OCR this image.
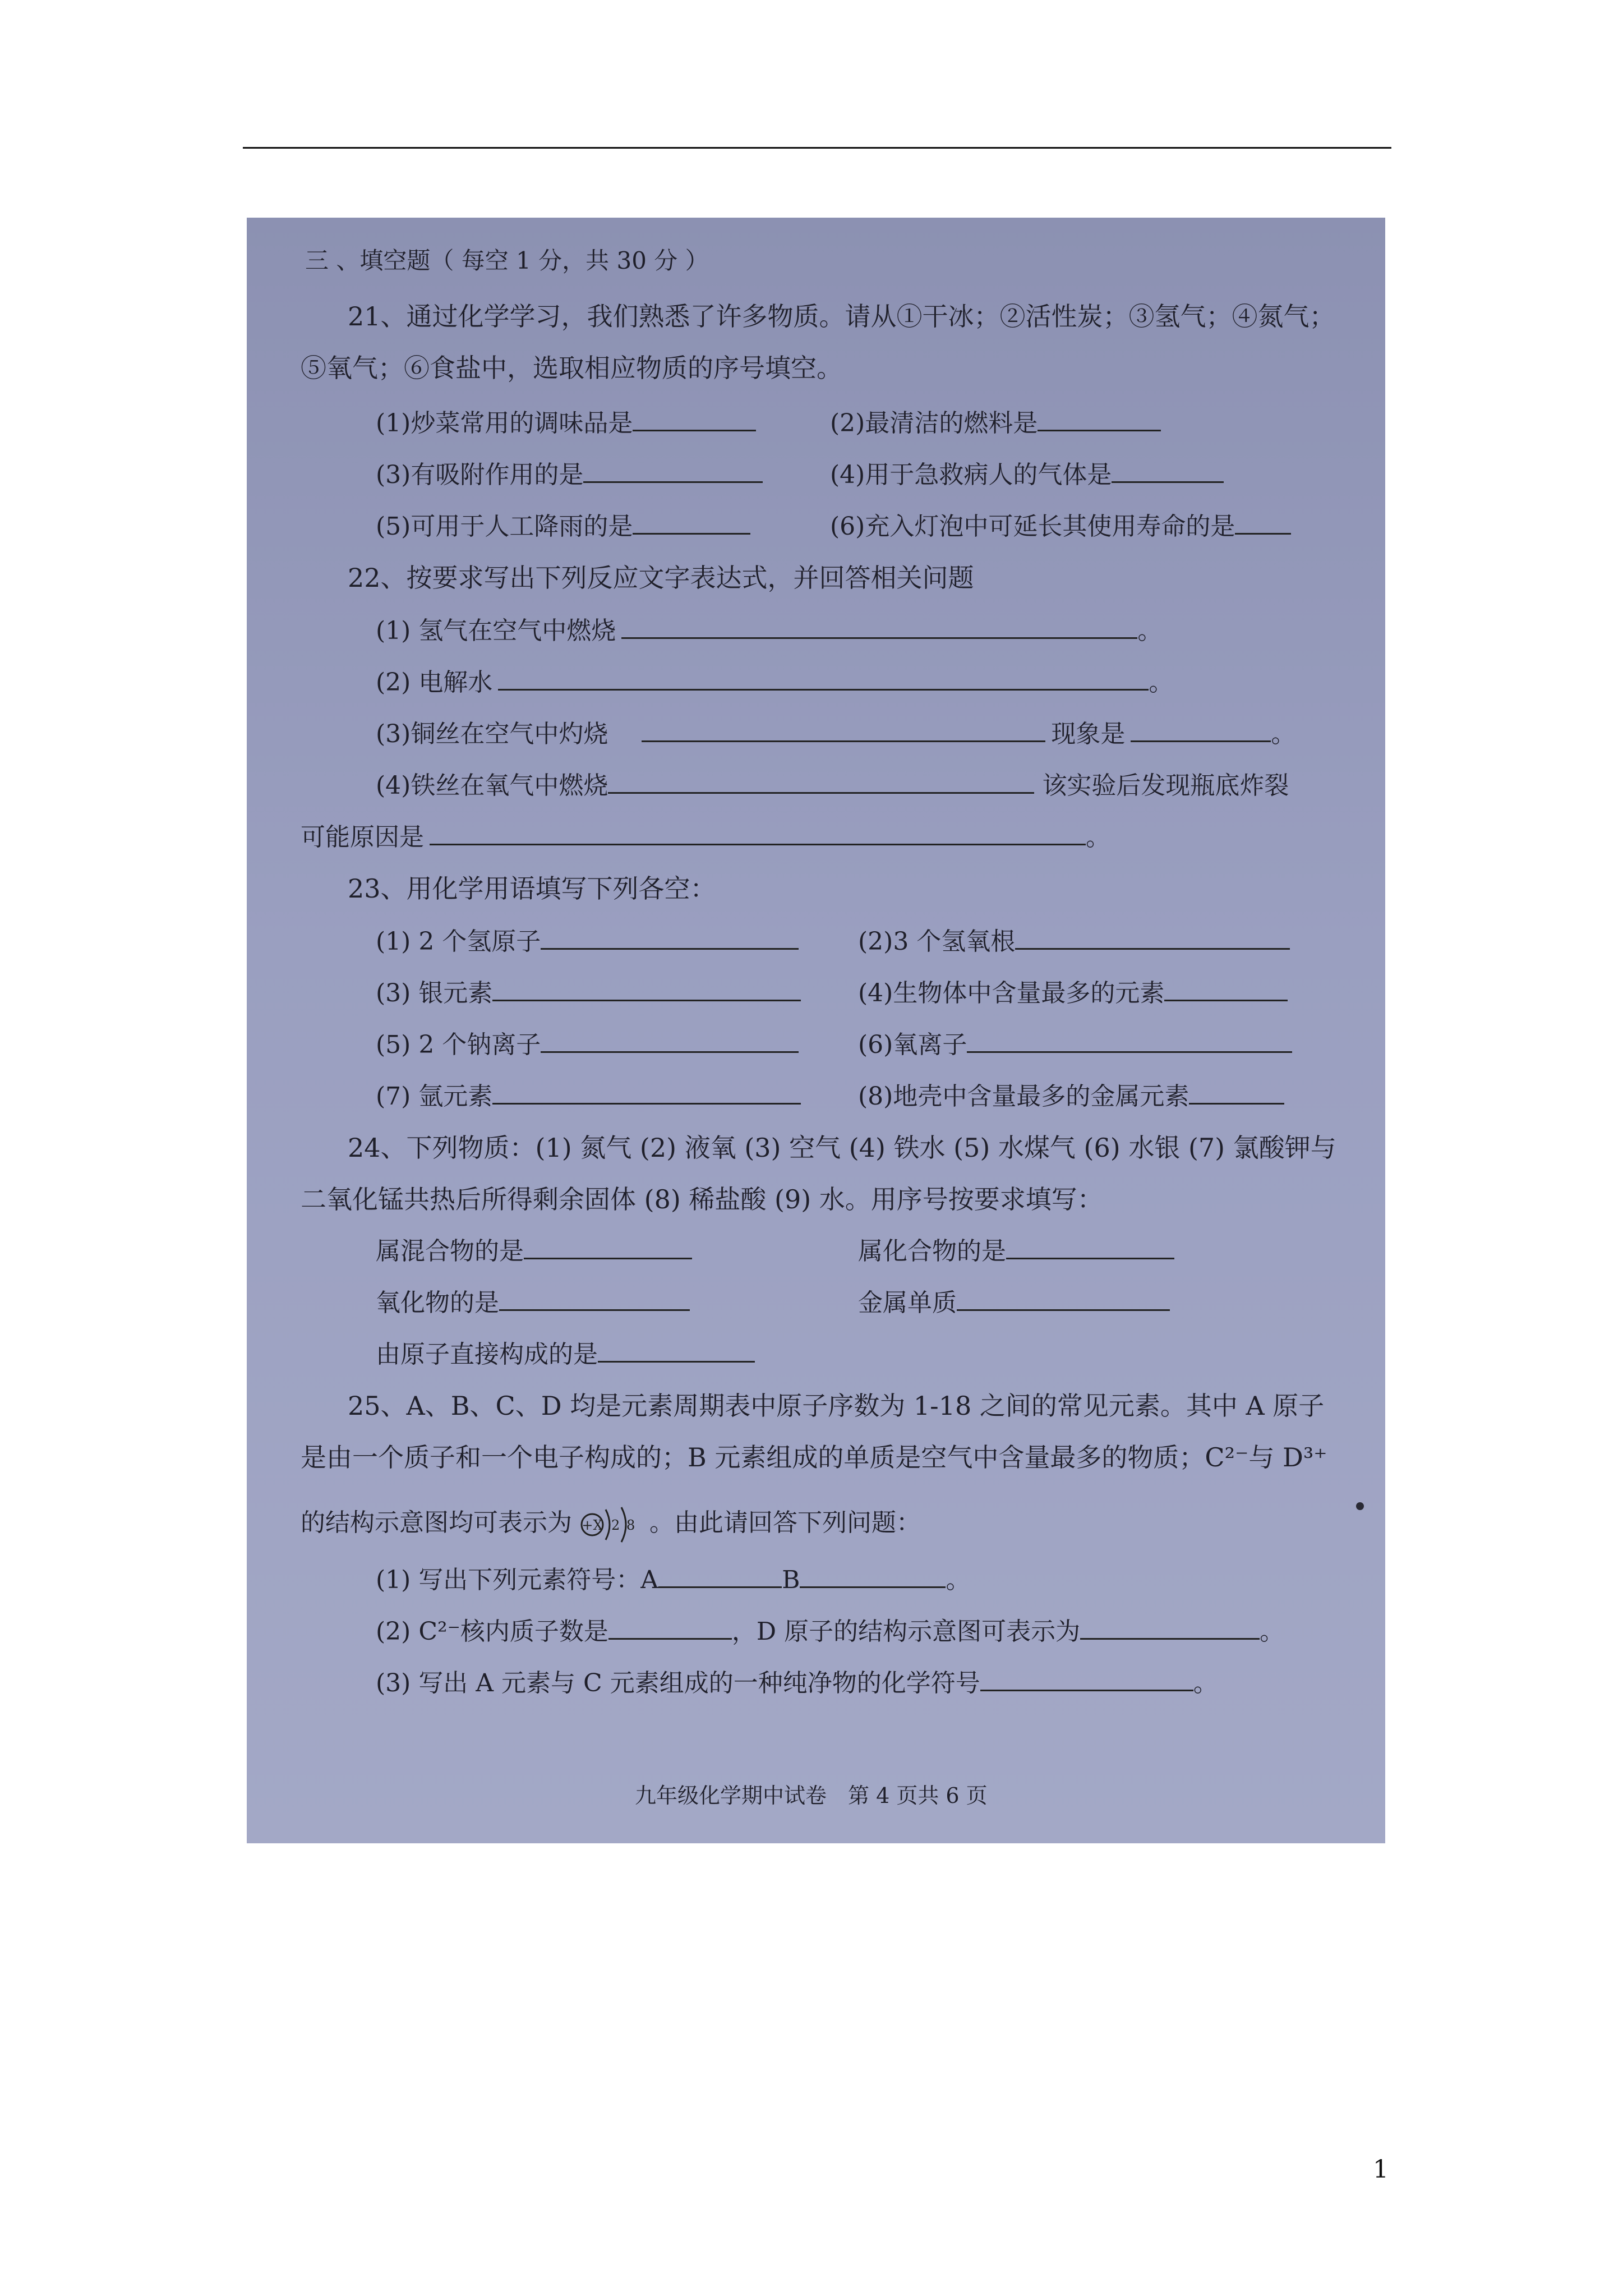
三 、填空题（ 每空 1 分，共 30 分 ）
21、通过化学学习，我们熟悉了许多物质。请从①干冰；②活性炭；③氢气；④氮气；
⑤氧气；⑥食盐中，选取相应物质的序号填空。
(1)炒菜常用的调味品是	(2)最清洁的燃料是
(3)有吸附作用的是	(4)用于急救病人的气体是
(5)可用于人工降雨的是	(6)充入灯泡中可延长其使用寿命的是
22、按要求写出下列反应文字表达式，并回答相关问题
(1) 氢气在空气中燃烧	。
(2) 电解水	。
(3)铜丝在空气中灼烧	现象是	。
(4)铁丝在氧气中燃烧	该实验后发现瓶底炸裂
可能原因是	。
23、用化学用语填写下列各空：
(1) 2 个氢原子	(2)3 个氢氧根
(3) 银元素	(4)生物体中含量最多的元素
(5) 2 个钠离子	(6)氧离子
(7) 氩元素	(8)地壳中含量最多的金属元素
24、下列物质：(1) 氮气 (2) 液氧 (3) 空气 (4) 铁水 (5) 水煤气 (6) 水银 (7) 氯酸钾与
二氧化锰共热后所得剩余固体 (8) 稀盐酸 (9) 水。用序号按要求填写：
属混合物的是	属化合物的是
氧化物的是	金属单质
由原子直接构成的是
25、A、B、C、D 均是元素周期表中原子序数为 1-18 之间的常见元素。其中 A 原子
是由一个质子和一个电子构成的；B 元素组成的单质是空气中含量最多的物质；C²⁻与 D³⁺
的结构示意图均可表示为 +X 2 8 。由此请回答下列问题：
(1) 写出下列元素符号：A	B	。
(2) C²⁻核内质子数是	，D 原子的结构示意图可表示为	。
(3) 写出 A 元素与 C 元素组成的一种纯净物的化学符号	。
九年级化学期中试卷　第 4 页共 6 页
1
